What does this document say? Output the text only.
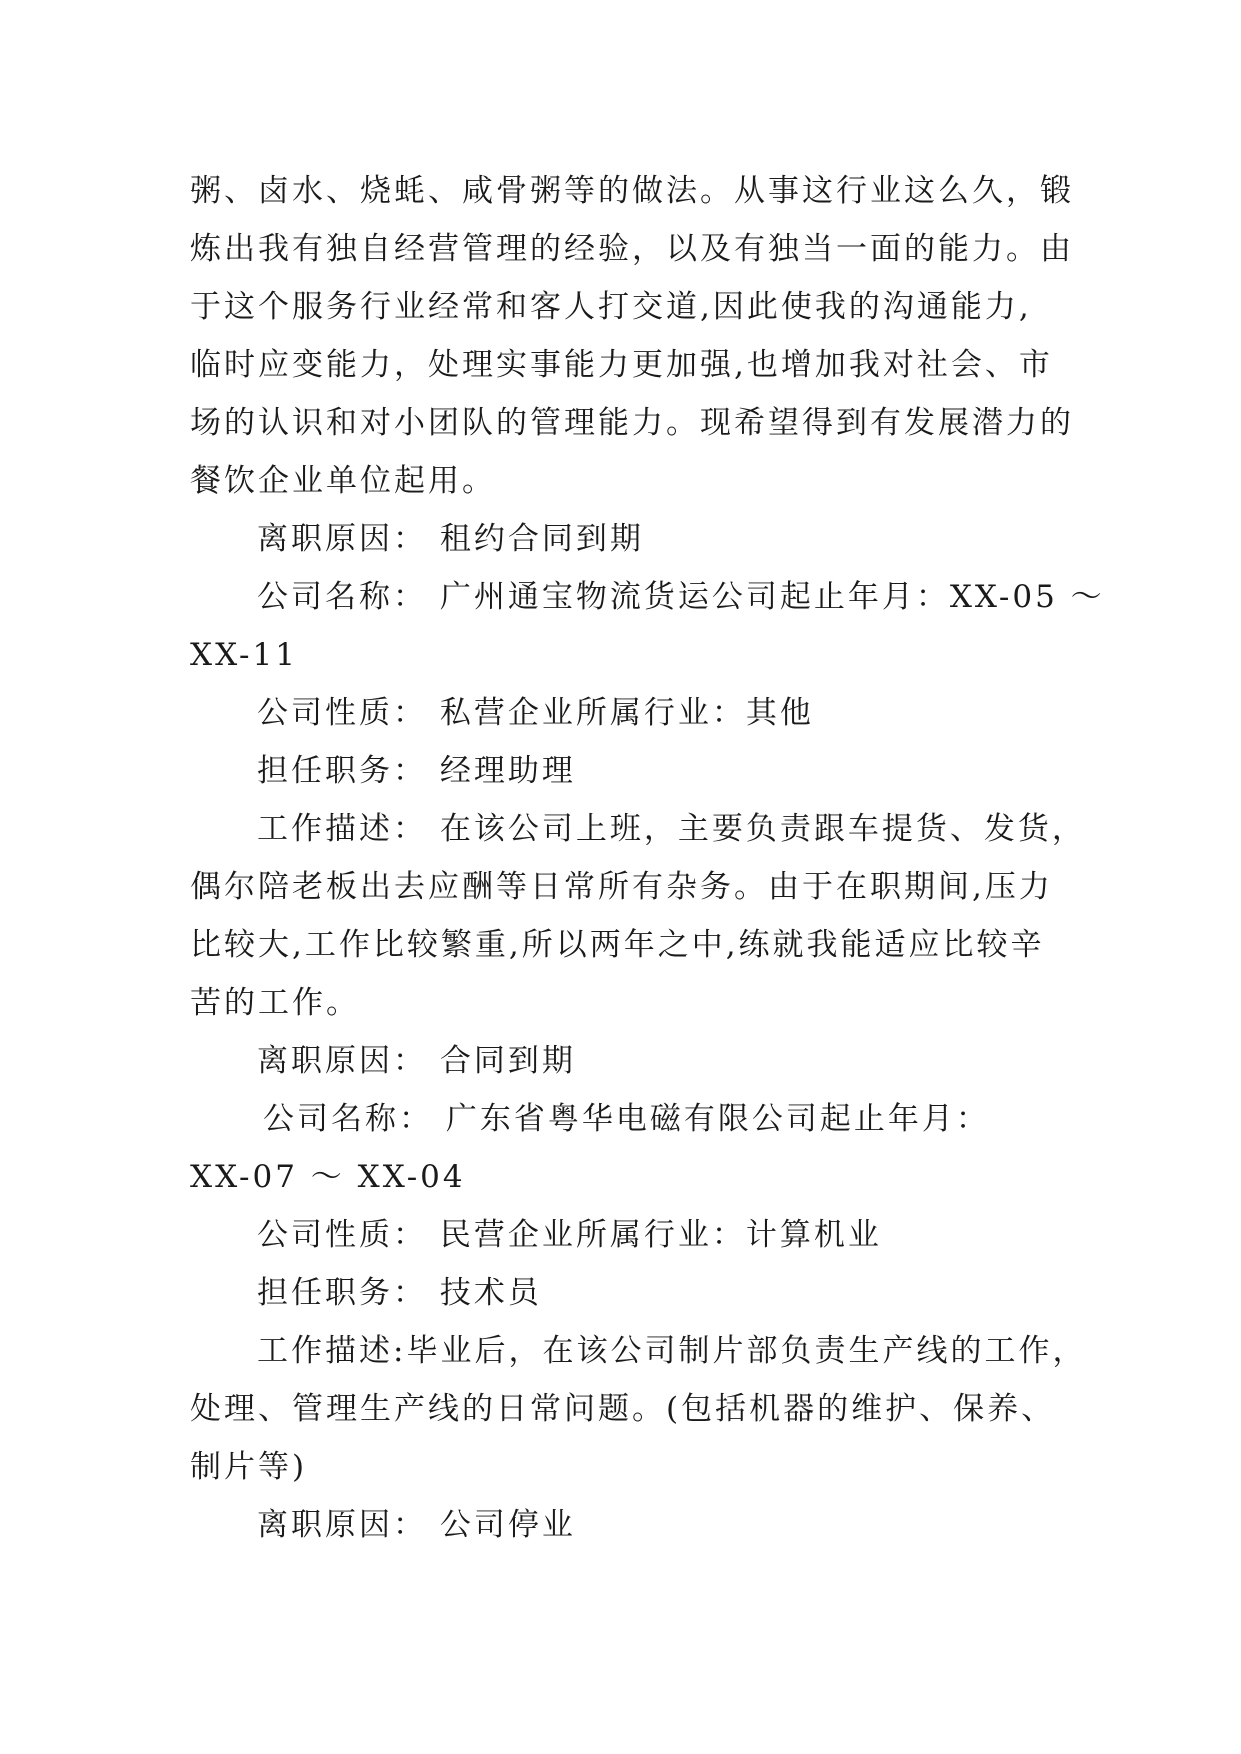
粥、卤水、烧蚝、咸骨粥等的做法。从事这行业这么久，锻
炼出我有独自经营管理的经验，以及有独当一面的能力。由
于这个服务行业经常和客人打交道,因此使我的沟通能力,
临时应变能力，处理实事能力更加强,也增加我对社会、市
场的认识和对小团队的管理能力。现希望得到有发展潜力的
餐饮企业单位起用。
离职原因： 租约合同到期
公司名称： 广州通宝物流货运公司起止年月：XX-05 ～
XX-11
公司性质： 私营企业所属行业：其他
担任职务： 经理助理
工作描述： 在该公司上班，主要负责跟车提货、发货，
偶尔陪老板出去应酬等日常所有杂务。由于在职期间,压力
比较大,工作比较繁重,所以两年之中,练就我能适应比较辛
苦的工作。
离职原因： 合同到期
公司名称： 广东省粤华电磁有限公司起止年月：
XX-07 ～ XX-04
公司性质： 民营企业所属行业：计算机业
担任职务： 技术员
工作描述:毕业后，在该公司制片部负责生产线的工作，
处理、管理生产线的日常问题。(包括机器的维护、保养、
制片等)
离职原因： 公司停业
